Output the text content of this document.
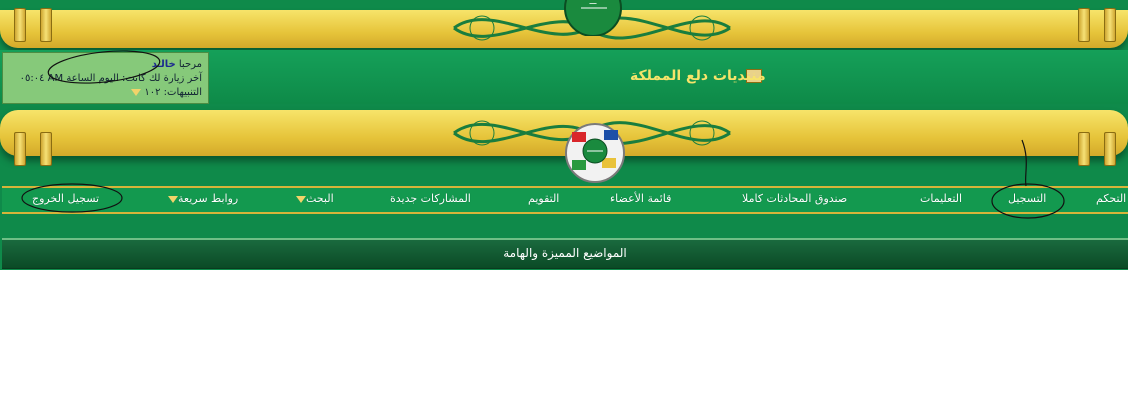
ـــ
منتديات دلع المملكة
مرحبا خالـد
آخر زيارة لك كانت: اليوم الساعة AM ٠٥:٠٤
التنبيهات: ١٠٢
التحكم
التسجيل
التعليمات
صندوق المحادثات كاملا
قائمة الأعضاء
التقويم
المشاركات جديدة
البحث
روابط سريعة
تسجيل الخروج
المواضيع المميزة والهامة
